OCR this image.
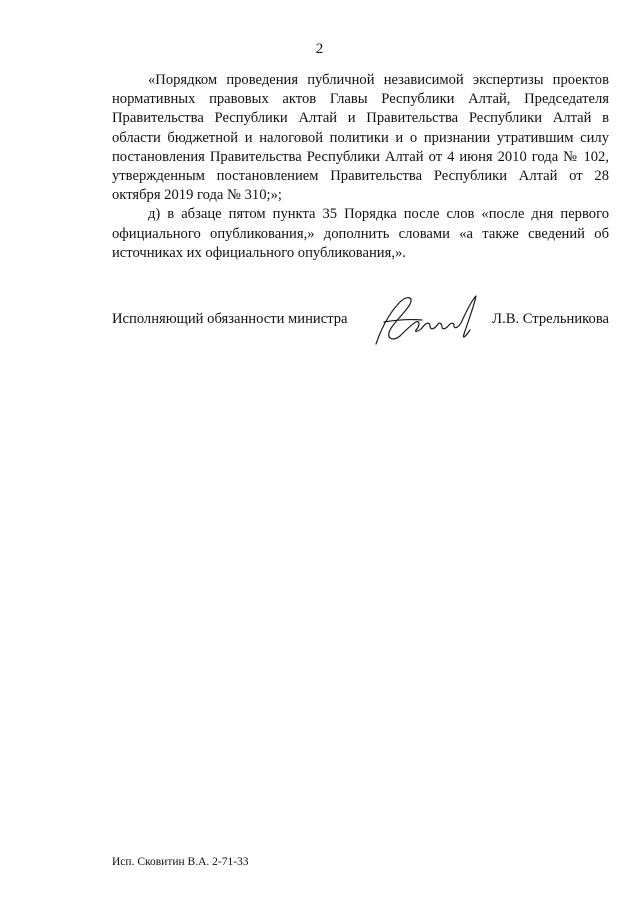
2

«Порядком проведения публичной независимой экспертизы проектов нормативных правовых актов Главы Республики Алтай, Председателя Правительства Республики Алтай и Правительства Республики Алтай в области бюджетной и налоговой политики и о признании утратившим силу постановления Правительства Республики Алтай от 4 июня 2010 года № 102, утвержденным постановлением Правительства Республики Алтай от 28 октября 2019 года № 310;»;

д) в абзаце пятом пункта 35 Порядка после слов «после дня первого официального опубликования,» дополнить словами «а также сведений об источниках их официального опубликования,».

Исполняющий обязанности министра	Л.В. Стрельникова
Исп. Сковитин В.А. 2-71-33
